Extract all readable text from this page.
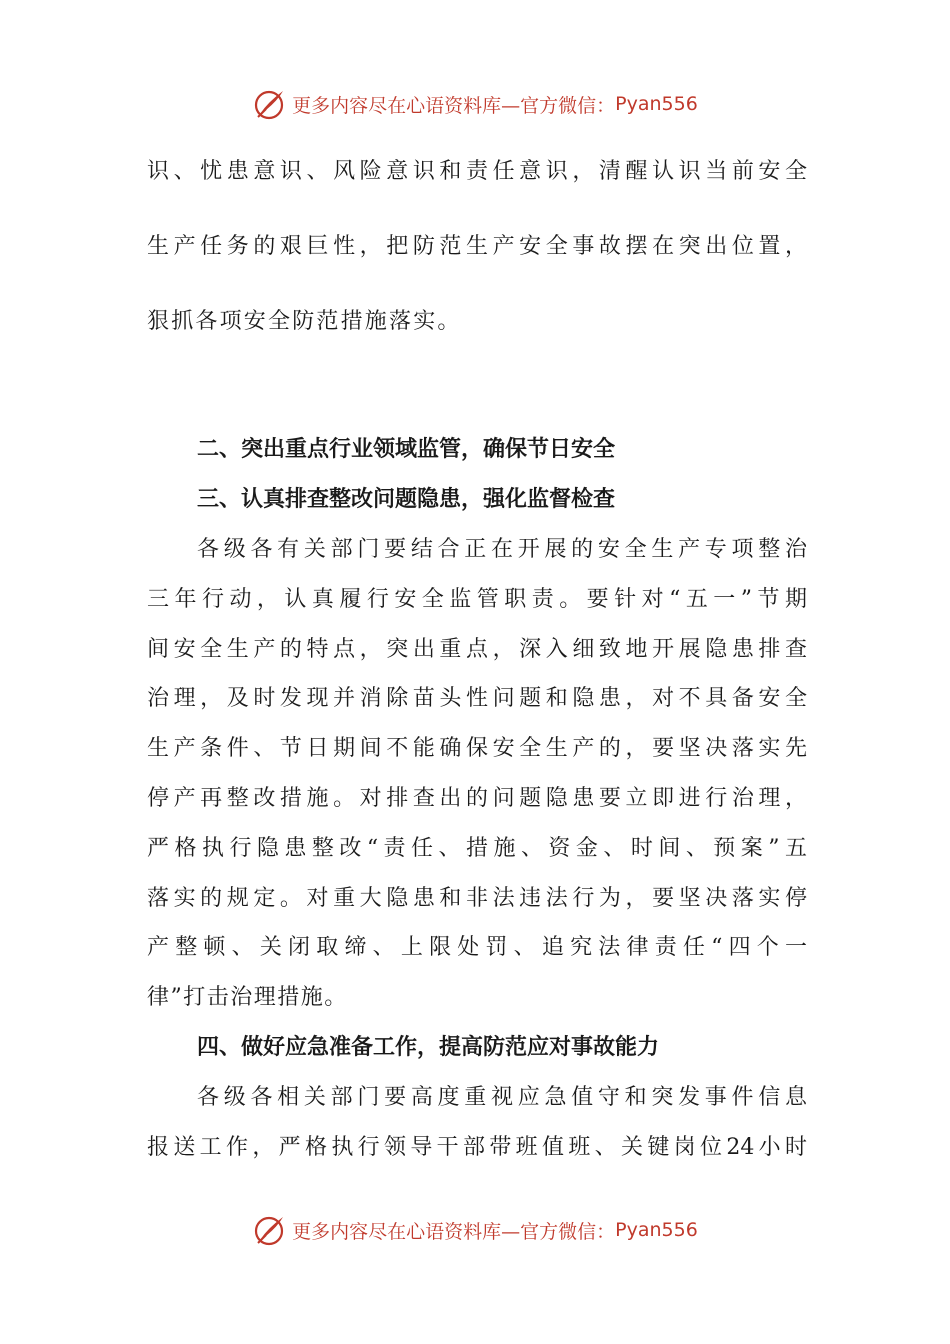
更多内容尽在心语资料库—官方微信： Pyan556
识、忧患意识、风险意识和责任意识，清醒认识当前安全
生产任务的艰巨性，把防范生产安全事故摆在突出位置，
狠抓各项安全防范措施落实。
二、突出重点行业领域监管，确保节日安全
三、认真排查整改问题隐患，强化监督检查
各级各有关部门要结合正在开展的安全生产专项整治
三年行动，认真履行安全监管职责。要针对“五一”节期
间安全生产的特点，突出重点，深入细致地开展隐患排查
治理，及时发现并消除苗头性问题和隐患，对不具备安全
生产条件、节日期间不能确保安全生产的，要坚决落实先
停产再整改措施。对排查出的问题隐患要立即进行治理，
严格执行隐患整改“责任、措施、资金、时间、预案”五
落实的规定。对重大隐患和非法违法行为，要坚决落实停
产整顿、关闭取缔、上限处罚、追究法律责任“四个一
律”打击治理措施。
四、做好应急准备工作，提高防范应对事故能力
各级各相关部门要高度重视应急值守和突发事件信息
报送工作，严格执行领导干部带班值班、关键岗位24小时
更多内容尽在心语资料库—官方微信： Pyan556
